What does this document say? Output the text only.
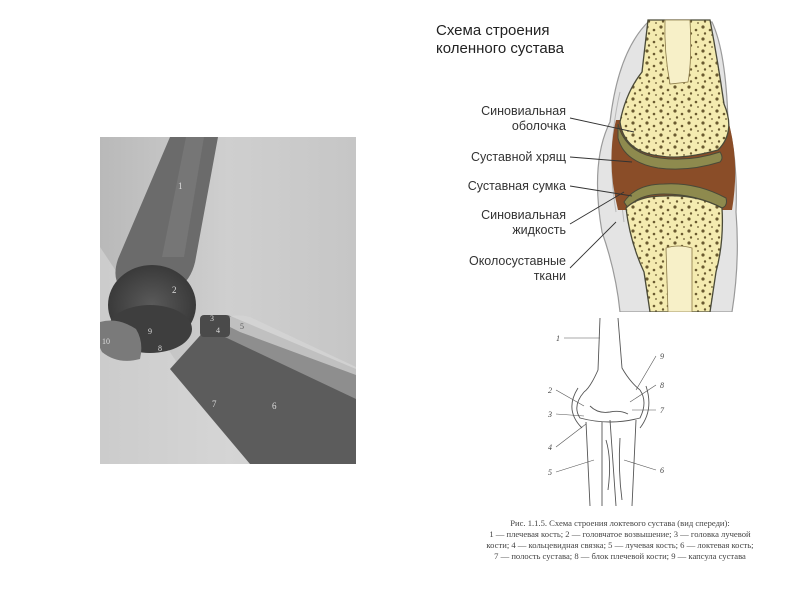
1
2
3
4	5
6
7
8
9
10
Схема строения
коленного сустава
Синовиальная
оболочка
Суставной хрящ
Суставная сумка
Синовиальная
жидкость
Околосуставные
ткани
1
2
3
4
5	6
7
8
9
Рис. 1.1.5. Схема строения локтевого сустава (вид спереди):
1 — плечевая кость; 2 — головчатое возвышение; 3 — головка лучевой
кости; 4 — кольцевидная связка; 5 — лучевая кость; 6 — локтевая кость;
7 — полость сустава; 8 — блок плечевой кости; 9 — капсула сустава
